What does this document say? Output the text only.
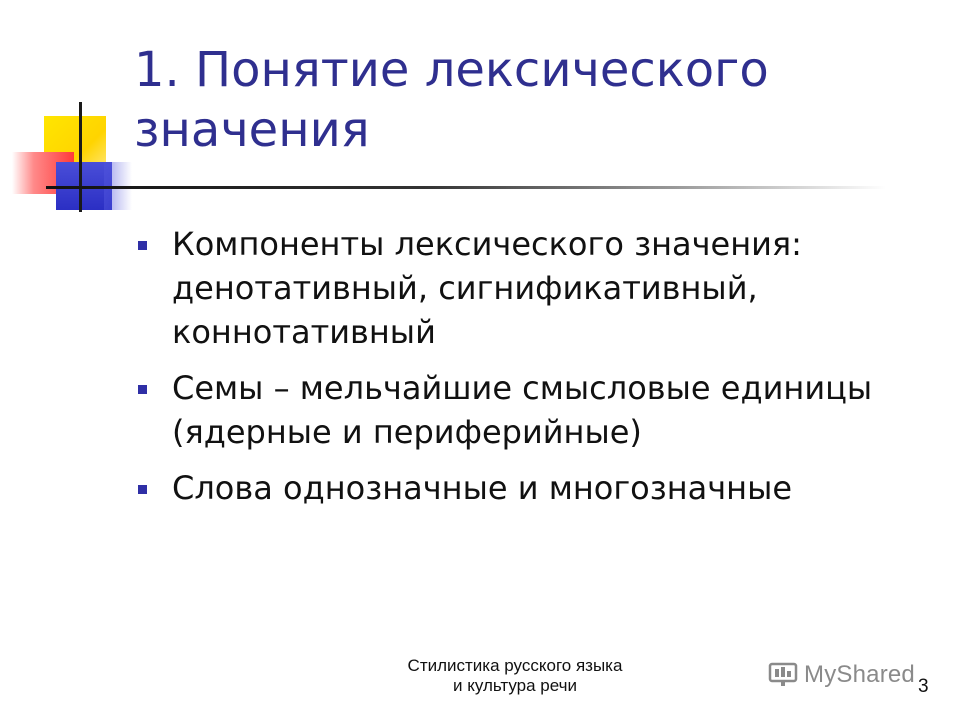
1. Понятие лексического значения
Компоненты лексического значения: денотативный, сигнификативный, коннотативный
Семы – мельчайшие смысловые единицы (ядерные и периферийные)
Слова однозначные и многозначные
Стилистика русского языка
и культура речи	MyShared 3
